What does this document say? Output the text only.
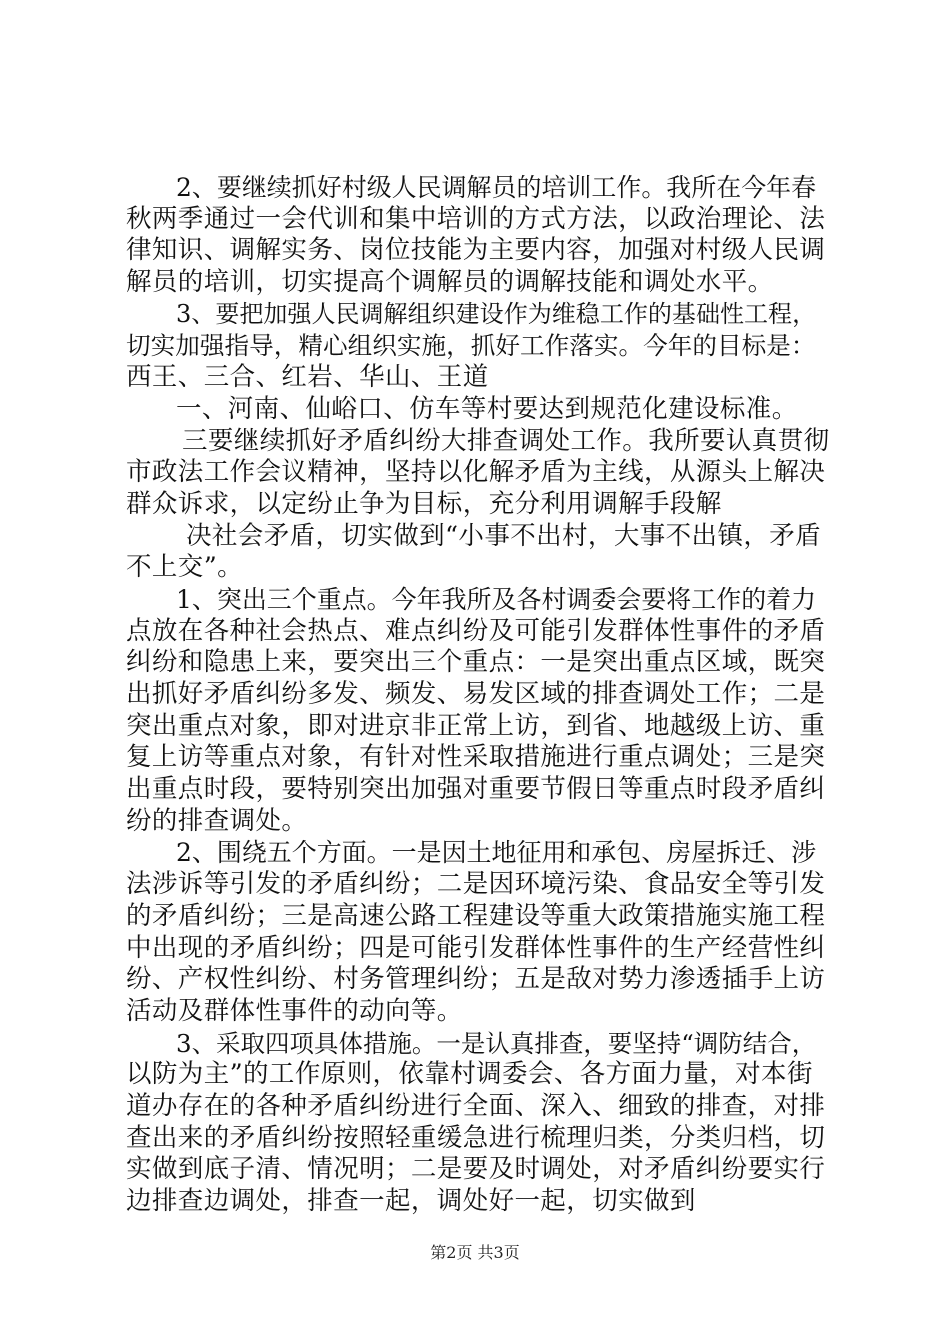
2、要继续抓好村级人民调解员的培训工作。我所在今年春
秋两季通过一会代训和集中培训的方式方法，以政治理论、法
律知识、调解实务、岗位技能为主要内容，加强对村级人民调
解员的培训，切实提高个调解员的调解技能和调处水平。
3、要把加强人民调解组织建设作为维稳工作的基础性工程，
切实加强指导，精心组织实施，抓好工作落实。今年的目标是：
西王、三合、红岩、华山、王道
一、河南、仙峪口、仿车等村要达到规范化建设标准。
三要继续抓好矛盾纠纷大排查调处工作。我所要认真贯彻
市政法工作会议精神，坚持以化解矛盾为主线，从源头上解决
群众诉求，以定纷止争为目标，充分利用调解手段解
决社会矛盾，切实做到“小事不出村，大事不出镇，矛盾
不上交”。
1、突出三个重点。今年我所及各村调委会要将工作的着力
点放在各种社会热点、难点纠纷及可能引发群体性事件的矛盾
纠纷和隐患上来，要突出三个重点：一是突出重点区域，既突
出抓好矛盾纠纷多发、频发、易发区域的排查调处工作；二是
突出重点对象，即对进京非正常上访，到省、地越级上访、重
复上访等重点对象，有针对性采取措施进行重点调处；三是突
出重点时段，要特别突出加强对重要节假日等重点时段矛盾纠
纷的排查调处。
2、围绕五个方面。一是因土地征用和承包、房屋拆迁、涉
法涉诉等引发的矛盾纠纷；二是因环境污染、食品安全等引发
的矛盾纠纷；三是高速公路工程建设等重大政策措施实施工程
中出现的矛盾纠纷；四是可能引发群体性事件的生产经营性纠
纷、产权性纠纷、村务管理纠纷；五是敌对势力渗透插手上访
活动及群体性事件的动向等。
3、采取四项具体措施。一是认真排查，要坚持“调防结合，
以防为主”的工作原则，依靠村调委会、各方面力量，对本街
道办存在的各种矛盾纠纷进行全面、深入、细致的排查，对排
查出来的矛盾纠纷按照轻重缓急进行梳理归类，分类归档，切
实做到底子清、情况明；二是要及时调处，对矛盾纠纷要实行
边排查边调处，排查一起，调处好一起，切实做到
第2页 共3页
